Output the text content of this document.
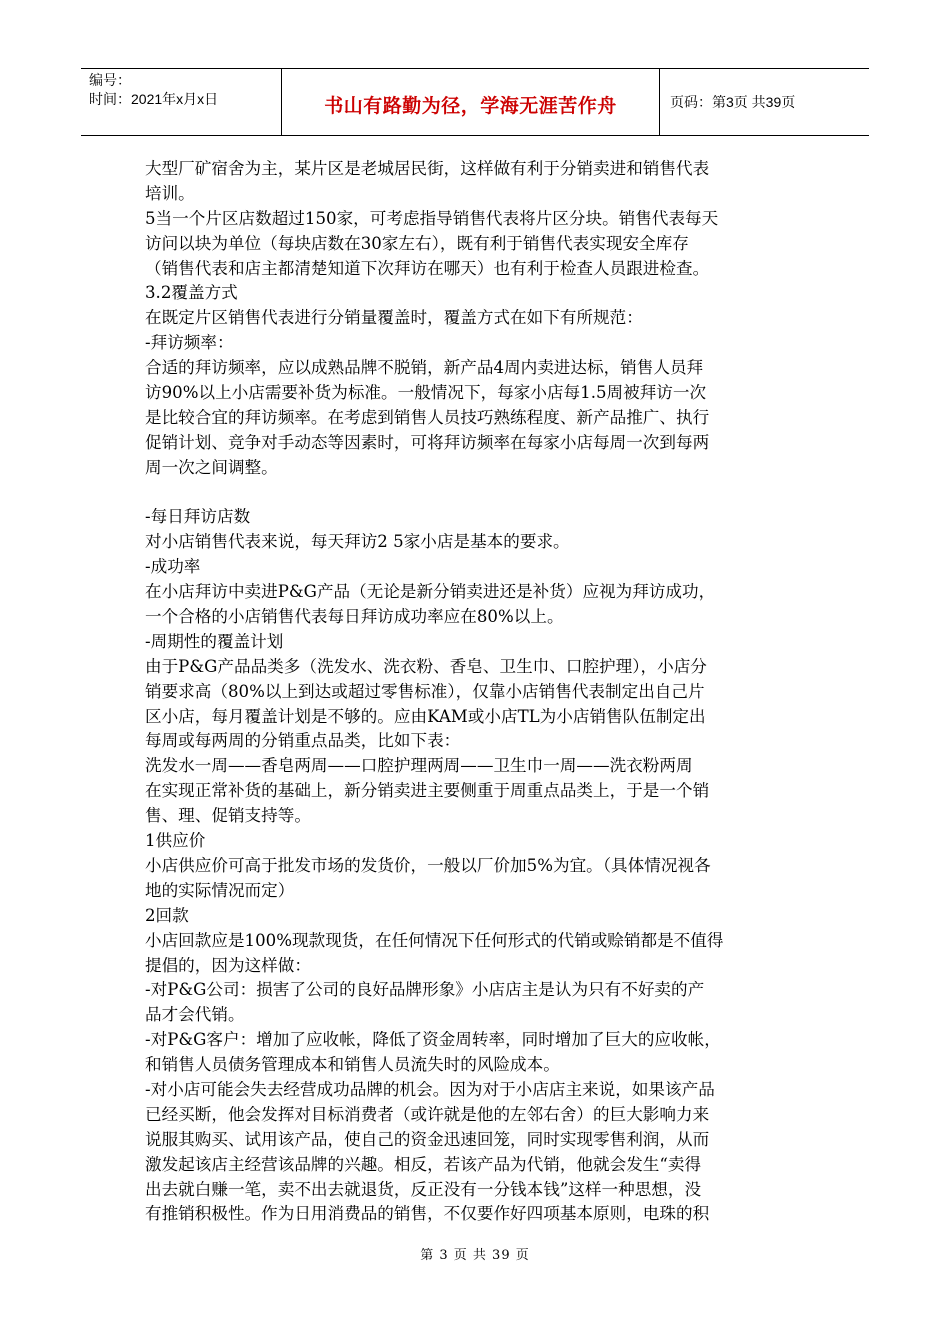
编号：
时间：2021年x月x日	书山有路勤为径，学海无涯苦作舟	页码：第3页 共39页
大型厂矿宿舍为主，某片区是老城居民街，这样做有利于分销卖进和销售代表
培训。
5当一个片区店数超过150家，可考虑指导销售代表将片区分块。销售代表每天
访问以块为单位（每块店数在30家左右），既有利于销售代表实现安全库存
（销售代表和店主都清楚知道下次拜访在哪天）也有利于检查人员跟进检查。
3.2覆盖方式
在既定片区销售代表进行分销量覆盖时，覆盖方式在如下有所规范：
-拜访频率：
合适的拜访频率，应以成熟品牌不脱销，新产品4周内卖进达标，销售人员拜
访90%以上小店需要补货为标准。一般情况下，每家小店每1.5周被拜访一次
是比较合宜的拜访频率。在考虑到销售人员技巧熟练程度、新产品推广、执行
促销计划、竞争对手动态等因素时，可将拜访频率在每家小店每周一次到每两
周一次之间调整。
-每日拜访店数
对小店销售代表来说，每天拜访2 5家小店是基本的要求。
-成功率
在小店拜访中卖进P&G产品（无论是新分销卖进还是补货）应视为拜访成功，
一个合格的小店销售代表每日拜访成功率应在80%以上。
-周期性的覆盖计划
由于P&G产品品类多（洗发水、洗衣粉、香皂、卫生巾、口腔护理），小店分
销要求高（80%以上到达或超过零售标准），仅靠小店销售代表制定出自己片
区小店，每月覆盖计划是不够的。应由KAM或小店TL为小店销售队伍制定出
每周或每两周的分销重点品类，比如下表：
洗发水一周——香皂两周——口腔护理两周——卫生巾一周——洗衣粉两周
在实现正常补货的基础上，新分销卖进主要侧重于周重点品类上，于是一个销
售、理、促销支持等。
1供应价
小店供应价可高于批发市场的发货价，一般以厂价加5%为宜。（具体情况视各
地的实际情况而定）
2回款
小店回款应是100%现款现货，在任何情况下任何形式的代销或赊销都是不值得
提倡的，因为这样做：
-对P&G公司：损害了公司的良好品牌形象》小店店主是认为只有不好卖的产
品才会代销。
-对P&G客户：增加了应收帐，降低了资金周转率，同时增加了巨大的应收帐，
和销售人员债务管理成本和销售人员流失时的风险成本。
-对小店可能会失去经营成功品牌的机会。因为对于小店店主来说，如果该产品
已经买断，他会发挥对目标消费者（或许就是他的左邻右舍）的巨大影响力来
说服其购买、试用该产品，使自己的资金迅速回笼，同时实现零售利润，从而
激发起该店主经营该品牌的兴趣。相反，若该产品为代销，他就会发生“卖得
出去就白赚一笔，卖不出去就退货，反正没有一分钱本钱”这样一种思想，没
有推销积极性。作为日用消费品的销售，不仅要作好四项基本原则，电珠的积
第 3 页 共 39 页
